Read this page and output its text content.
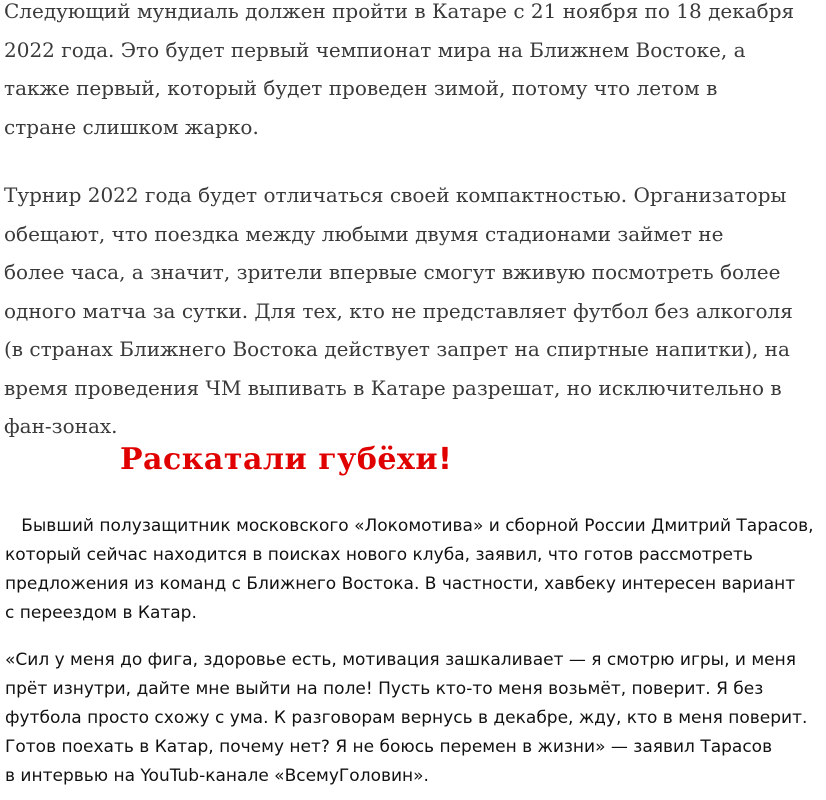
Следующий мундиаль должен пройти в Катаре с 21 ноября по 18 декабря
2022 года. Это будет первый чемпионат мира на Ближнем Востоке, а
также первый, который будет проведен зимой, потому что летом в
стране слишком жарко.

Турнир 2022 года будет отличаться своей компактностью. Организаторы
обещают, что поездка между любыми двумя стадионами займет не
более часа, а значит, зрители впервые смогут вживую посмотреть более
одного матча за сутки. Для тех, кто не представляет футбол без алкоголя
(в странах Ближнего Востока действует запрет на спиртные напитки), на
время проведения ЧМ выпивать в Катаре разрешат, но исключительно в
фан-зонах.

Раскатали губёхи!

Бывший полузащитник московского «Локомотива» и сборной России Дмитрий Тарасов,
который сейчас находится в поисках нового клуба, заявил, что готов рассмотреть
предложения из команд с Ближнего Востока. В частности, хавбеку интересен вариант
с переездом в Катар.

«Сил у меня до фига, здоровье есть, мотивация зашкаливает — я смотрю игры, и меня
прёт изнутри, дайте мне выйти на поле! Пусть кто-то меня возьмёт, поверит. Я без
футбола просто схожу с ума. К разговорам вернусь в декабре, жду, кто в меня поверит.
Готов поехать в Катар, почему нет? Я не боюсь перемен в жизни» — заявил Тарасов
в интервью на YouTub-канале «ВсемуГоловин».
